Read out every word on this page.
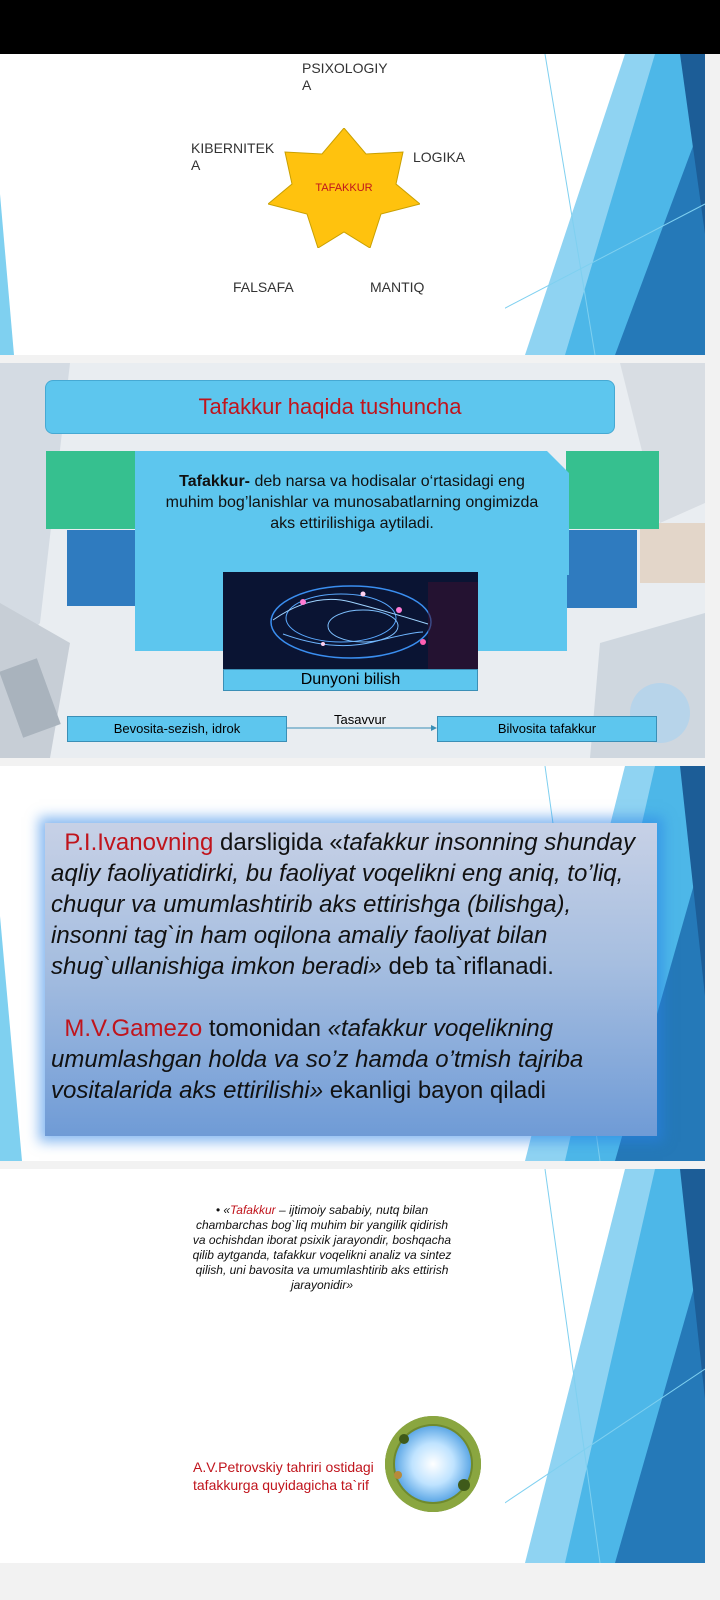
PSIXOLOGIY
A
KIBERNITEK
A	LOGIKA
FALSAFA	MANTIQ
TAFAKKUR
Tafakkur haqida tushuncha
Tafakkur- deb narsa va hodisalar o‘rtasidagi eng muhim bog’lanishlar va munosabatlarning ongimizda aks ettirilishiga aytiladi.
Dunyoni bilish
Bevosita-sezish, idrok
Tasavvur
Bilvosita tafakkur

P.I.Ivanovning darsligida «tafakkur insonning shunday aqliy faoliyatidirki, bu faoliyat voqelikni eng aniq, to’liq, chuqur va umumlashtirib aks ettirishga (bilishga), insonni tag`in ham oqilona amaliy faoliyat bilan shug`ullanishiga imkon beradi» deb ta`riflanadi.

M.V.Gamezo tomonidan «tafakkur voqelikning umumlashgan holda va so’z hamda o’tmish tajriba vositalarida aks ettirilishi» ekanligi bayon qiladi

• «Tafakkur – ijtimoiy sababiy, nutq bilan chambarchas bog`liq muhim bir yangilik qidirish va ochishdan iborat psixik jarayondir, boshqacha qilib aytganda, tafakkur voqelikni analiz va sintez qilish, uni bavosita va umumlashtirib aks ettirish jarayonidir»
A.V.Petrovskiy tahriri ostidagi tafakkurga quyidagicha ta`rif
